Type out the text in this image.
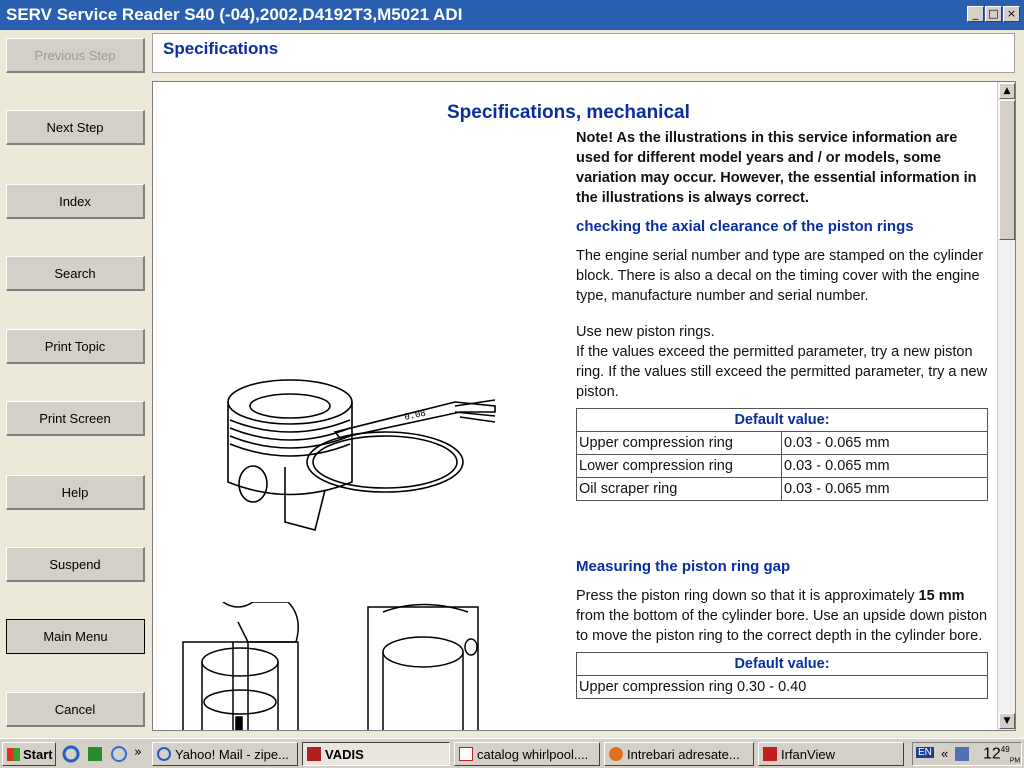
SERV Service Reader S40 (-04),2002,D4192T3,M5021 ADI	_ □ ×
Previous Step
Next Step
Index
Search
Print Topic
Print Screen
Help
Suspend
Main Menu
Cancel
Specifications
Specifications, mechanical
0.08

Note! As the illustrations in this service information are used for different model years and / or models, some variation may occur. However, the essential information in the illustrations is always correct.

checking the axial clearance of the piston rings

The engine serial number and type are stamped on the cylinder block. There is also a decal on the timing cover with the engine type, manufacture number and serial number.

Use new piston rings.

If the values exceed the permitted parameter, try a new piston ring. If the values still exceed the permitted parameter, try a new piston.

Default value:	
Upper compression ring	0.03 - 0.065 mm
Lower compression ring	0.03 - 0.065 mm
Oil scraper ring	0.03 - 0.065 mm

Measuring the piston ring gap

Press the piston ring down so that it is approximately 15 mm from the bottom of the cylinder bore. Use an upside down piston to move the piston ring to the correct depth in the cylinder bore.

Default value:
Upper compression ring 0.30 - 0.40
▲
▼
Start	»	Yahoo! Mail - zipe...	VADIS	catalog whirlpool....	Intrebari adresate...	IrfanView	EN « $12^{49}_{PM}$
